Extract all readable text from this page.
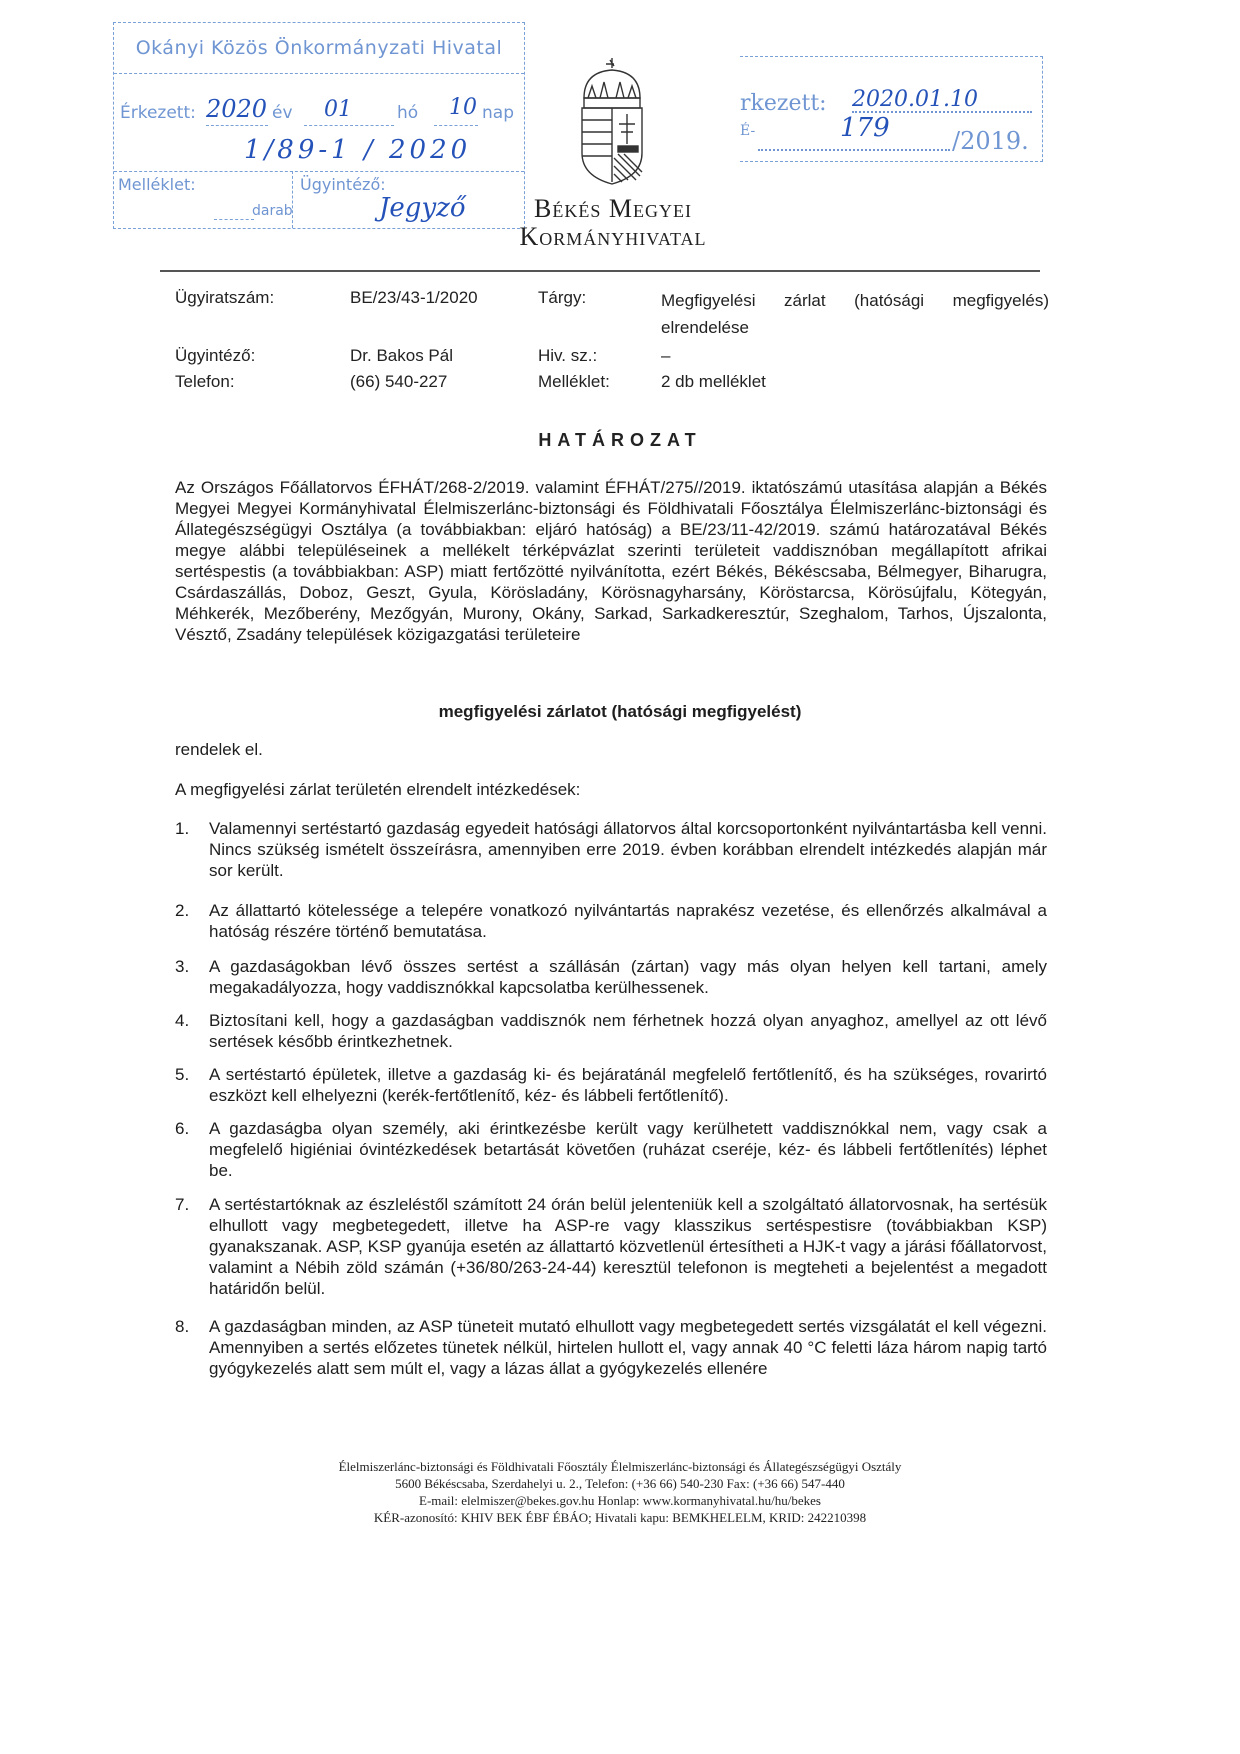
Okányi Közös Önkormányzati Hivatal
Érkezett: 2020 év 01	hó 10 nap
1/89-1 / 2020
Melléklet:
darab
Ügyintéző:
Jegyző	Békés Megyei
Kormányhivatal
rkezett: 2020.01.10
É-	179	/2019.
Ügyiratszám:	BE/23/43-1/2020	Tárgy:	Megfigyelési zárlat (hatósági megfigyelés)
elrendelése
Ügyintéző:	Dr. Bakos Pál	Hiv. sz.:	–
Telefon:	(66) 540-227	Melléklet:	2 db melléklet
HATÁROZAT
Az Országos Főállatorvos ÉFHÁT/268-2/2019. valamint ÉFHÁT/275//2019. iktatószámú utasítása alapján a Békés Megyei Megyei Kormányhivatal Élelmiszerlánc-biztonsági és Földhivatali Főosztálya Élelmiszerlánc-biztonsági és Állategészségügyi Osztálya (a továbbiakban: eljáró hatóság) a BE/23/11-42/2019. számú határozatával Békés megye alábbi településeinek a mellékelt térképvázlat szerinti területeit vaddisznóban megállapított afrikai sertéspestis (a továbbiakban: ASP) miatt fertőzötté nyilvánította, ezért Békés, Békéscsaba, Bélmegyer, Biharugra, Csárdaszállás, Doboz, Geszt, Gyula, Körösladány, Körösnagyharsány, Köröstarcsa, Körösújfalu, Kötegyán, Méhkerék, Mezőberény, Mezőgyán, Murony, Okány, Sarkad, Sarkadkeresztúr, Szeghalom, Tarhos, Újszalonta, Vésztő, Zsadány települések közigazgatási területeire
megfigyelési zárlatot (hatósági megfigyelést)
rendelek el.
A megfigyelési zárlat területén elrendelt intézkedések:
1.	Valamennyi sertéstartó gazdaság egyedeit hatósági állatorvos által korcsoportonként nyilvántartásba kell venni. Nincs szükség ismételt összeírásra, amennyiben erre 2019. évben korábban elrendelt intézkedés alapján már sor került.
2.	Az állattartó kötelessége a telepére vonatkozó nyilvántartás naprakész vezetése, és ellenőrzés alkalmával a hatóság részére történő bemutatása.
3.	A gazdaságokban lévő összes sertést a szállásán (zártan) vagy más olyan helyen kell tartani, amely megakadályozza, hogy vaddisznókkal kapcsolatba kerülhessenek.
4.	Biztosítani kell, hogy a gazdaságban vaddisznók nem férhetnek hozzá olyan anyaghoz, amellyel az ott lévő sertések később érintkezhetnek.
5.	A sertéstartó épületek, illetve a gazdaság ki- és bejáratánál megfelelő fertőtlenítő, és ha szükséges, rovarirtó eszközt kell elhelyezni (kerék-fertőtlenítő, kéz- és lábbeli fertőtlenítő).
6.	A gazdaságba olyan személy, aki érintkezésbe került vagy kerülhetett vaddisznókkal nem, vagy csak a megfelelő higiéniai óvintézkedések betartását követően (ruházat cseréje, kéz- és lábbeli fertőtlenítés) léphet be.
7.	A sertéstartóknak az észleléstől számított 24 órán belül jelenteniük kell a szolgáltató állatorvosnak, ha sertésük elhullott vagy megbetegedett, illetve ha ASP-re vagy klasszikus sertéspestisre (továbbiakban KSP) gyanakszanak. ASP, KSP gyanúja esetén az állattartó közvetlenül értesítheti a HJK-t vagy a járási főállatorvost, valamint a Nébih zöld számán (+36/80/263-24-44) keresztül telefonon is megteheti a bejelentést a megadott határidőn belül.
8.	A gazdaságban minden, az ASP tüneteit mutató elhullott vagy megbetegedett sertés vizsgálatát el kell végezni. Amennyiben a sertés előzetes tünetek nélkül, hirtelen hullott el, vagy annak 40 °C feletti láza három napig tartó gyógykezelés alatt sem múlt el, vagy a lázas állat a gyógykezelés ellenére
Élelmiszerlánc-biztonsági és Földhivatali Főosztály Élelmiszerlánc-biztonsági és Állategészségügyi Osztály
5600 Békéscsaba, Szerdahelyi u. 2., Telefon: (+36 66) 540-230 Fax: (+36 66) 547-440
E-mail: elelmiszer@bekes.gov.hu Honlap: www.kormanyhivatal.hu/hu/bekes
KÉR-azonosító: KHIV BEK ÉBF ÉBÁO; Hivatali kapu: BEMKHELELM, KRID: 242210398
